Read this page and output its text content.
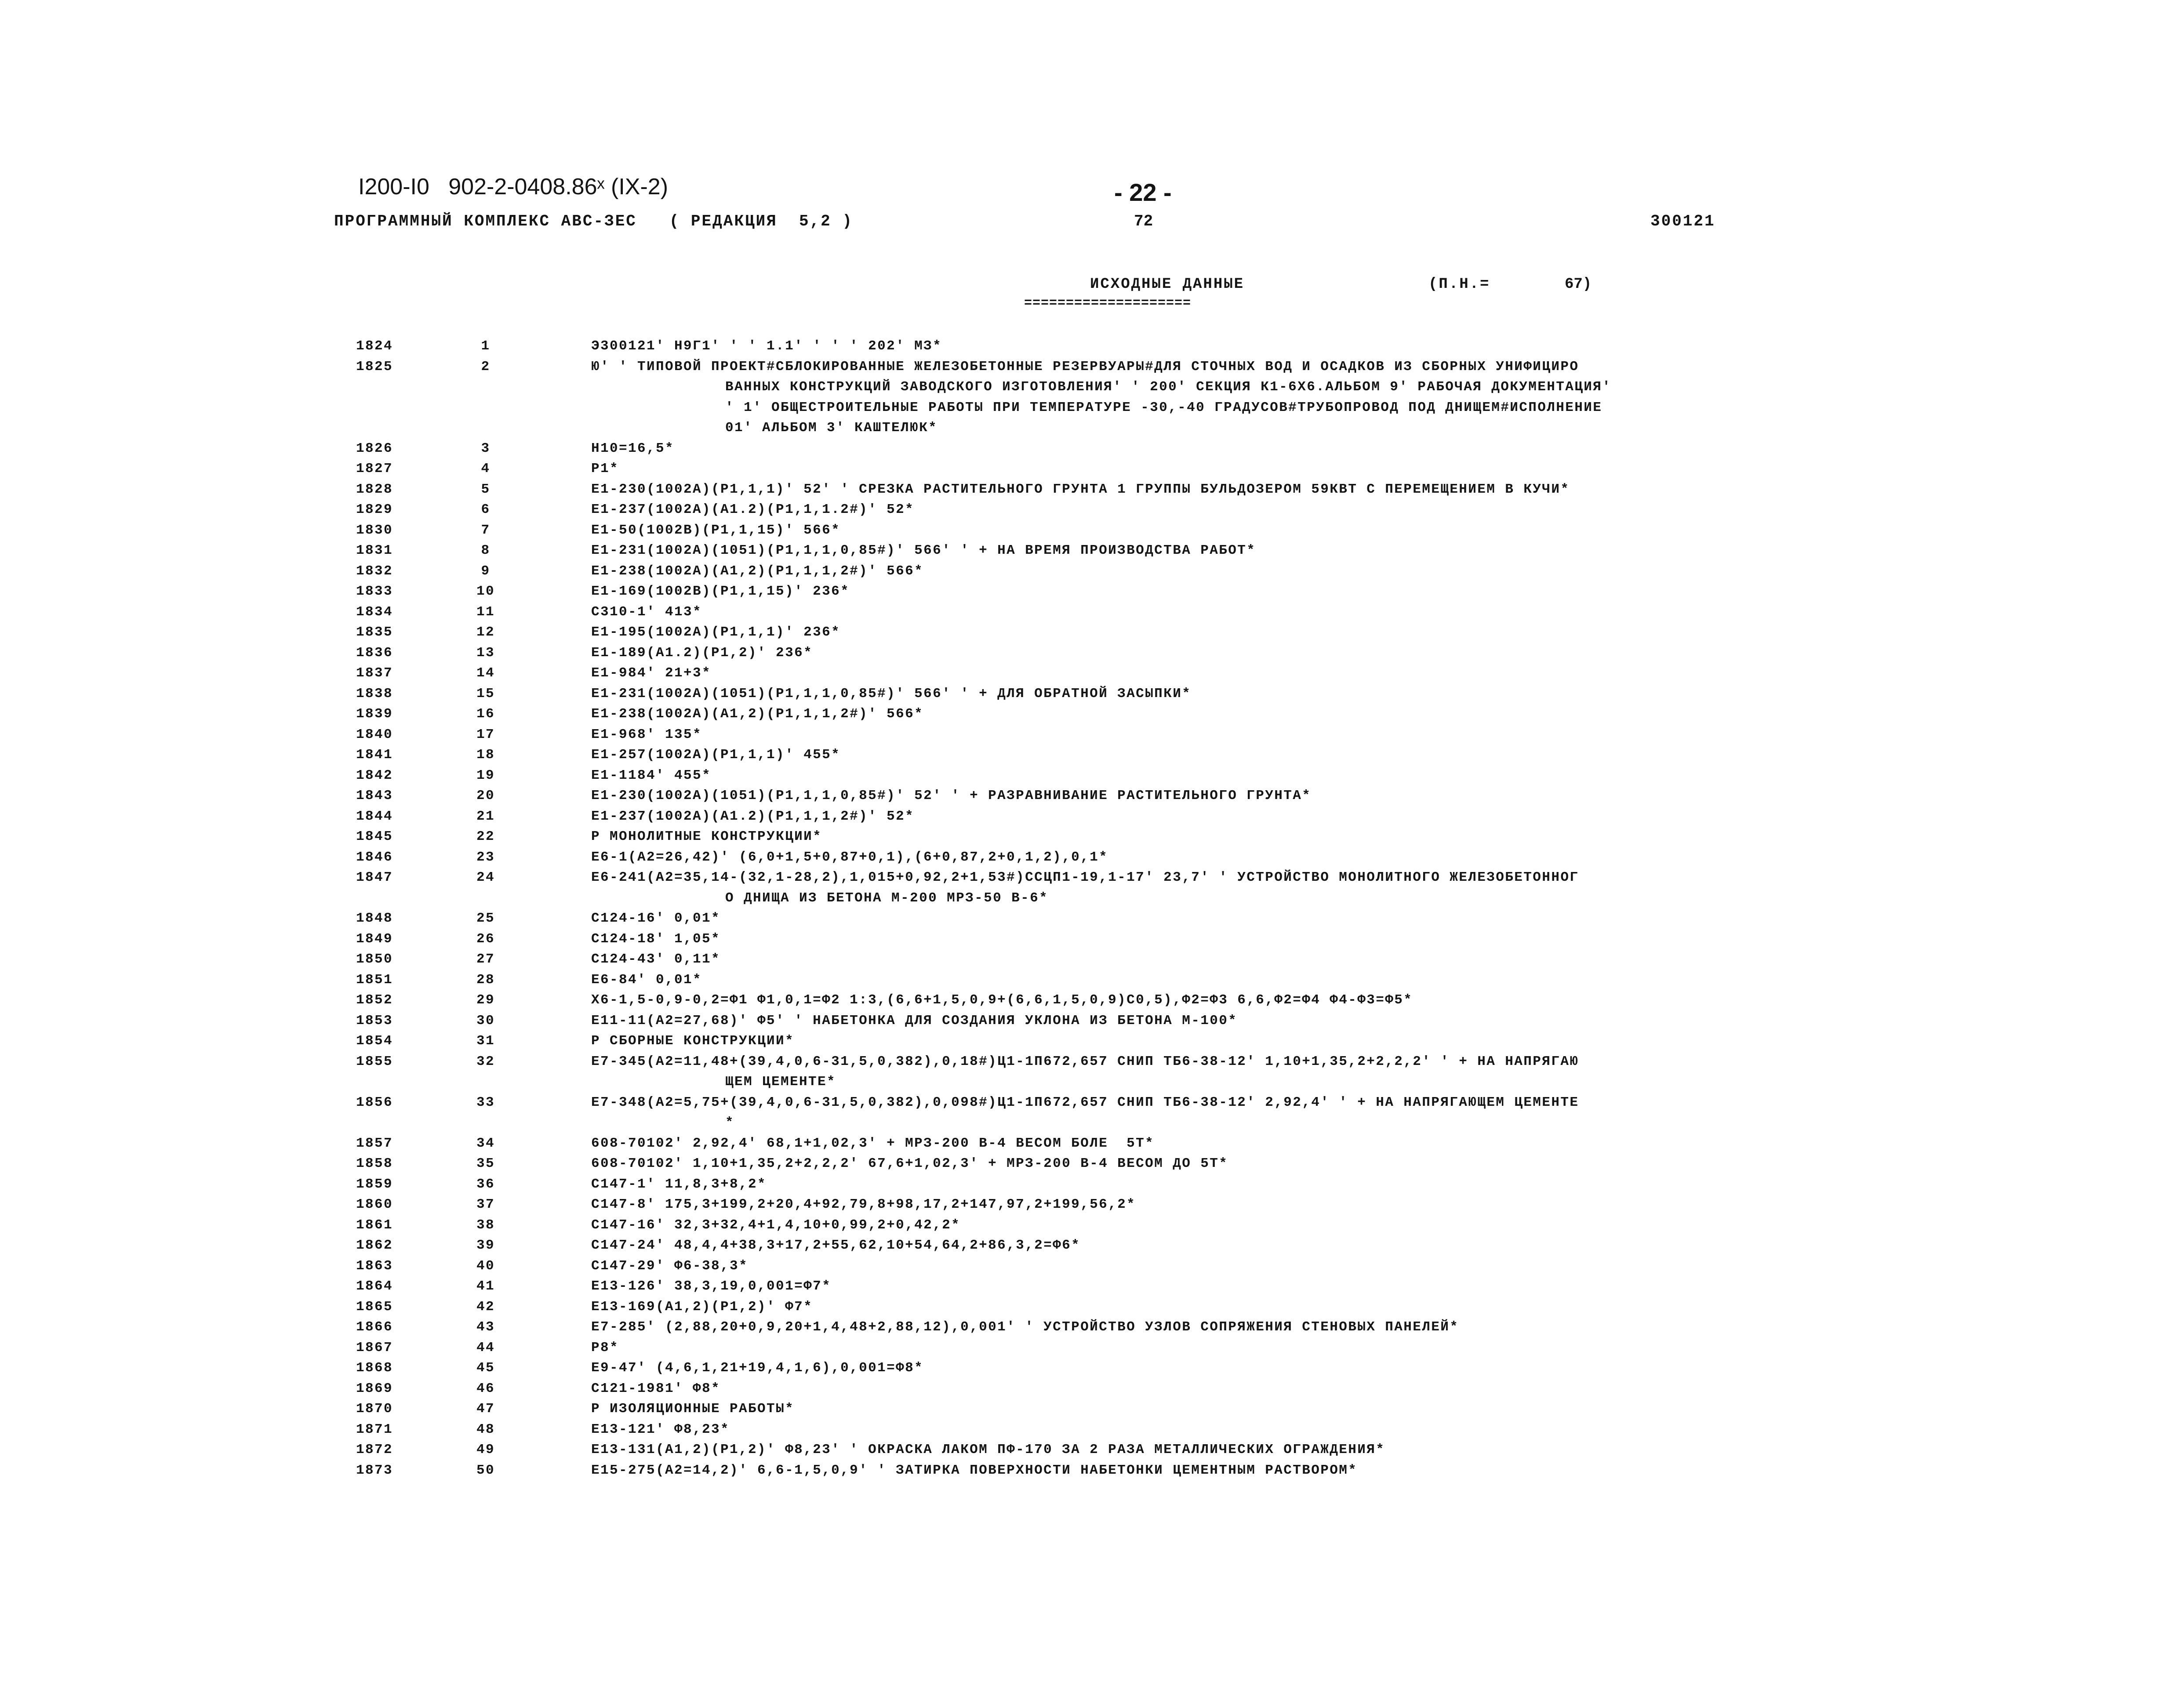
I200-I0   902-2-0408.86ˣ (IX-2)	- 22 -
ПРОГРАММНЫЙ КОМПЛЕКС АВС-ЗЕС   ( РЕДАКЦИЯ  5,2 )	72	300121
ИСХОДНЫЕ ДАННЫЕ
====================
(П.Н.=	67)
1824	1	Э300121' Н9Г1' ' ' 1.1' ' ' ' 202' МЗ*
1825	2	Ю' ' ТИПОВОЙ ПРОЕКТ#СБЛОКИРОВАННЫЕ ЖЕЛЕЗОБЕТОННЫЕ РЕЗЕРВУАРЫ#ДЛЯ СТОЧНЫХ ВОД И ОСАДКОВ ИЗ СБОРНЫХ УНИФИЦИРО
ВАННЫХ КОНСТРУКЦИЙ ЗАВОДСКОГО ИЗГОТОВЛЕНИЯ' ' 200' СЕКЦИЯ К1-6Х6.АЛЬБОМ 9' РАБОЧАЯ ДОКУМЕНТАЦИЯ'
' 1' ОБЩЕСТРОИТЕЛЬНЫЕ РАБОТЫ ПРИ ТЕМПЕРАТУРЕ -30,-40 ГРАДУСОВ#ТРУБОПРОВОД ПОД ДНИЩЕМ#ИСПОЛНЕНИЕ
01' АЛЬБОМ 3' КАШТЕЛЮК*
1826	3	Н10=16,5*
1827	4	Р1*
1828	5	Е1-230(1002А)(Р1,1,1)' 52' ' СРЕЗКА РАСТИТЕЛЬНОГО ГРУНТА 1 ГРУППЫ БУЛЬДОЗЕРОМ 59КВТ С ПЕРЕМЕЩЕНИЕМ В КУЧИ*
1829	6	Е1-237(1002А)(А1.2)(Р1,1,1.2#)' 52*
1830	7	Е1-50(1002В)(Р1,1,15)' 566*
1831	8	Е1-231(1002А)(1051)(Р1,1,1,0,85#)' 566' ' + НА ВРЕМЯ ПРОИЗВОДСТВА РАБОТ*
1832	9	Е1-238(1002А)(А1,2)(Р1,1,1,2#)' 566*
1833	10	Е1-169(1002В)(Р1,1,15)' 236*
1834	11	С310-1' 413*
1835	12	Е1-195(1002А)(Р1,1,1)' 236*
1836	13	Е1-189(А1.2)(Р1,2)' 236*
1837	14	Е1-984' 21+3*
1838	15	Е1-231(1002А)(1051)(Р1,1,1,0,85#)' 566' ' + ДЛЯ ОБРАТНОЙ ЗАСЫПКИ*
1839	16	Е1-238(1002А)(А1,2)(Р1,1,1,2#)' 566*
1840	17	Е1-968' 135*
1841	18	Е1-257(1002А)(Р1,1,1)' 455*
1842	19	Е1-1184' 455*
1843	20	Е1-230(1002А)(1051)(Р1,1,1,0,85#)' 52' ' + РАЗРАВНИВАНИЕ РАСТИТЕЛЬНОГО ГРУНТА*
1844	21	Е1-237(1002А)(А1.2)(Р1,1,1,2#)' 52*
1845	22	Р МОНОЛИТНЫЕ КОНСТРУКЦИИ*
1846	23	Е6-1(А2=26,42)' (6,0+1,5+0,87+0,1),(6+0,87,2+0,1,2),0,1*
1847	24	Е6-241(А2=35,14-(32,1-28,2),1,015+0,92,2+1,53#)ССЦП1-19,1-17' 23,7' ' УСТРОЙСТВО МОНОЛИТНОГО ЖЕЛЕЗОБЕТОННОГ
О ДНИЩА ИЗ БЕТОНА М-200 МРЗ-50 В-6*
1848	25	С124-16' 0,01*
1849	26	С124-18' 1,05*
1850	27	С124-43' 0,11*
1851	28	Е6-84' 0,01*
1852	29	Х6-1,5-0,9-0,2=Ф1 Ф1,0,1=Ф2 1:3,(6,6+1,5,0,9+(6,6,1,5,0,9)С0,5),Ф2=Ф3 6,6,Ф2=Ф4 Ф4-Ф3=Ф5*
1853	30	Е11-11(А2=27,68)' Ф5' ' НАБЕТОНКА ДЛЯ СОЗДАНИЯ УКЛОНА ИЗ БЕТОНА М-100*
1854	31	Р СБОРНЫЕ КОНСТРУКЦИИ*
1855	32	Е7-345(А2=11,48+(39,4,0,6-31,5,0,382),0,18#)Ц1-1П672,657 СНИП ТБ6-38-12' 1,10+1,35,2+2,2,2' ' + НА НАПРЯГАЮ
ЩЕМ ЦЕМЕНТЕ*
1856	33	Е7-348(А2=5,75+(39,4,0,6-31,5,0,382),0,098#)Ц1-1П672,657 СНИП ТБ6-38-12' 2,92,4' ' + НА НАПРЯГАЮЩЕМ ЦЕМЕНТЕ
*
1857	34	608-70102' 2,92,4' 68,1+1,02,3' + МРЗ-200 В-4 ВЕСОМ БОЛЕ  5Т*
1858	35	608-70102' 1,10+1,35,2+2,2,2' 67,6+1,02,3' + МРЗ-200 В-4 ВЕСОМ ДО 5Т*
1859	36	С147-1' 11,8,3+8,2*
1860	37	С147-8' 175,3+199,2+20,4+92,79,8+98,17,2+147,97,2+199,56,2*
1861	38	С147-16' 32,3+32,4+1,4,10+0,99,2+0,42,2*
1862	39	С147-24' 48,4,4+38,3+17,2+55,62,10+54,64,2+86,3,2=Ф6*
1863	40	С147-29' Ф6-38,3*
1864	41	Е13-126' 38,3,19,0,001=Ф7*
1865	42	Е13-169(А1,2)(Р1,2)' Ф7*
1866	43	Е7-285' (2,88,20+0,9,20+1,4,48+2,88,12),0,001' ' УСТРОЙСТВО УЗЛОВ СОПРЯЖЕНИЯ СТЕНОВЫХ ПАНЕЛЕЙ*
1867	44	Р8*
1868	45	Е9-47' (4,6,1,21+19,4,1,6),0,001=Ф8*
1869	46	С121-1981' Ф8*
1870	47	Р ИЗОЛЯЦИОННЫЕ РАБОТЫ*
1871	48	Е13-121' Ф8,23*
1872	49	Е13-131(А1,2)(Р1,2)' Ф8,23' ' ОКРАСКА ЛАКОМ ПФ-170 ЗА 2 РАЗА МЕТАЛЛИЧЕСКИХ ОГРАЖДЕНИЯ*
1873	50	Е15-275(А2=14,2)' 6,6-1,5,0,9' ' ЗАТИРКА ПОВЕРХНОСТИ НАБЕТОНКИ ЦЕМЕНТНЫМ РАСТВОРОМ*
